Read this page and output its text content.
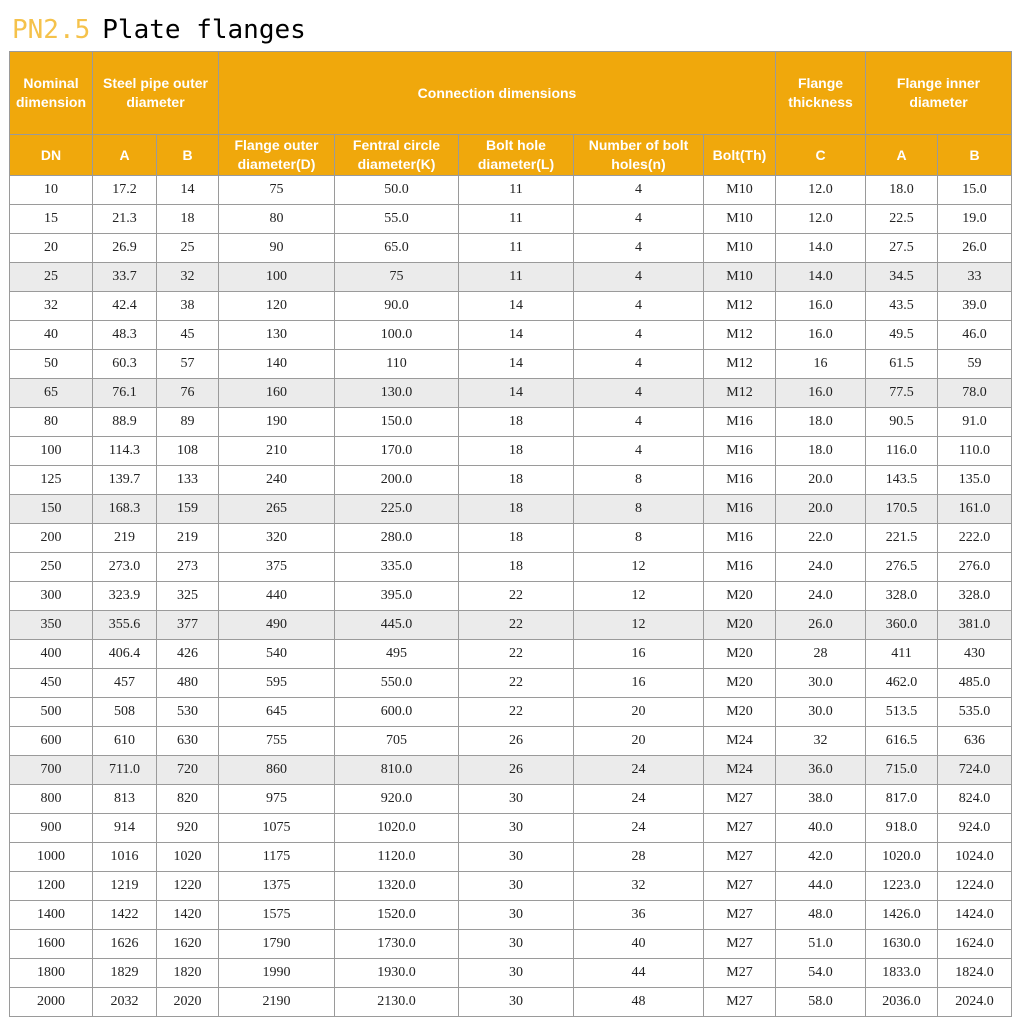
PN2.5 Plate flanges
Nominal dimension	Steel pipe outer diameter		Connection dimensions					Flange thickness	Flange inner diameter	
DN	A	B	Flange outer diameter(D)	Fentral circle diameter(K)	Bolt hole diameter(L)	Number of bolt holes(n)	Bolt(Th)	C	A	B
10	17.2	14	75	50.0	11	4	M10	12.0	18.0	15.0
15	21.3	18	80	55.0	11	4	M10	12.0	22.5	19.0
20	26.9	25	90	65.0	11	4	M10	14.0	27.5	26.0
25	33.7	32	100	75	11	4	M10	14.0	34.5	33
32	42.4	38	120	90.0	14	4	M12	16.0	43.5	39.0
40	48.3	45	130	100.0	14	4	M12	16.0	49.5	46.0
50	60.3	57	140	110	14	4	M12	16	61.5	59
65	76.1	76	160	130.0	14	4	M12	16.0	77.5	78.0
80	88.9	89	190	150.0	18	4	M16	18.0	90.5	91.0
100	114.3	108	210	170.0	18	4	M16	18.0	116.0	110.0
125	139.7	133	240	200.0	18	8	M16	20.0	143.5	135.0
150	168.3	159	265	225.0	18	8	M16	20.0	170.5	161.0
200	219	219	320	280.0	18	8	M16	22.0	221.5	222.0
250	273.0	273	375	335.0	18	12	M16	24.0	276.5	276.0
300	323.9	325	440	395.0	22	12	M20	24.0	328.0	328.0
350	355.6	377	490	445.0	22	12	M20	26.0	360.0	381.0
400	406.4	426	540	495	22	16	M20	28	411	430
450	457	480	595	550.0	22	16	M20	30.0	462.0	485.0
500	508	530	645	600.0	22	20	M20	30.0	513.5	535.0
600	610	630	755	705	26	20	M24	32	616.5	636
700	711.0	720	860	810.0	26	24	M24	36.0	715.0	724.0
800	813	820	975	920.0	30	24	M27	38.0	817.0	824.0
900	914	920	1075	1020.0	30	24	M27	40.0	918.0	924.0
1000	1016	1020	1175	1120.0	30	28	M27	42.0	1020.0	1024.0
1200	1219	1220	1375	1320.0	30	32	M27	44.0	1223.0	1224.0
1400	1422	1420	1575	1520.0	30	36	M27	48.0	1426.0	1424.0
1600	1626	1620	1790	1730.0	30	40	M27	51.0	1630.0	1624.0
1800	1829	1820	1990	1930.0	30	44	M27	54.0	1833.0	1824.0
2000	2032	2020	2190	2130.0	30	48	M27	58.0	2036.0	2024.0
